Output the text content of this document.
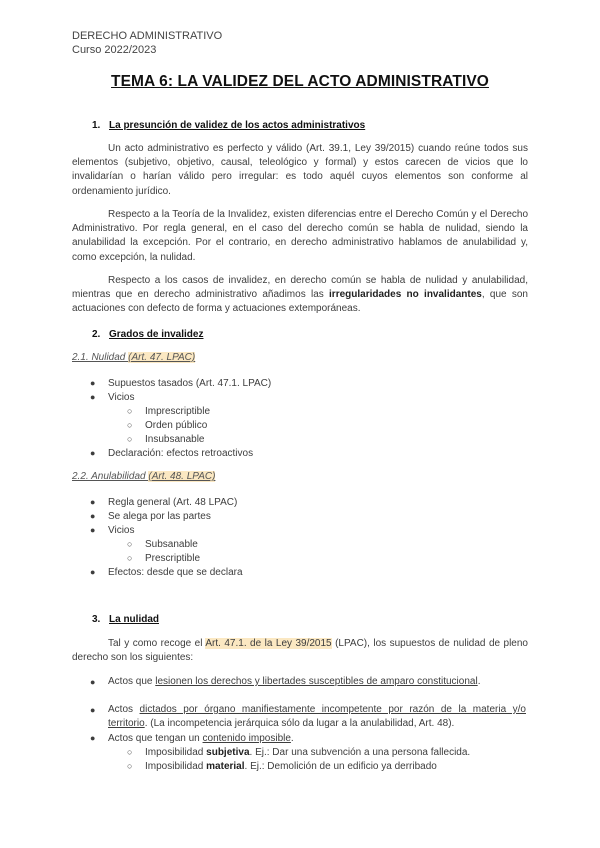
DERECHO ADMINISTRATIVO
Curso 2022/2023
TEMA 6: LA VALIDEZ DEL ACTO ADMINISTRATIVO
1. La presunción de validez de los actos administrativos
Un acto administrativo es perfecto y válido (Art. 39.1, Ley 39/2015) cuando reúne todos sus elementos (subjetivo, objetivo, causal, teleológico y formal) y estos carecen de vicios que lo invalidarían o harían válido pero irregular: es todo aquél cuyos elementos son conforme al ordenamiento jurídico.
Respecto a la Teoría de la Invalidez, existen diferencias entre el Derecho Común y el Derecho Administrativo. Por regla general, en el caso del derecho común se habla de nulidad, siendo la anulabilidad la excepción. Por el contrario, en derecho administrativo hablamos de anulabilidad y, como excepción, la nulidad.
Respecto a los casos de invalidez, en derecho común se habla de nulidad y anulabilidad, mientras que en derecho administrativo añadimos las irregularidades no invalidantes, que son actuaciones con defecto de forma y actuaciones extemporáneas.
2. Grados de invalidez
2.1. Nulidad (Art. 47. LPAC)
● Supuestos tasados (Art. 47.1. LPAC)
● Vicios
○ Imprescriptible
○ Orden público
○ Insubsanable
● Declaración: efectos retroactivos
2.2. Anulabilidad (Art. 48. LPAC)
● Regla general (Art. 48 LPAC)
● Se alega por las partes
● Vicios
○ Subsanable
○ Prescriptible
● Efectos: desde que se declara
3. La nulidad
Tal y como recoge el Art. 47.1. de la Ley 39/2015 (LPAC), los supuestos de nulidad de pleno derecho son los siguientes:
● Actos que lesionen los derechos y libertades susceptibles de amparo constitucional.
● Actos dictados por órgano manifiestamente incompetente por razón de la materia y/o territorio. (La incompetencia jerárquica sólo da lugar a la anulabilidad, Art. 48).
● Actos que tengan un contenido imposible.
○ Imposibilidad subjetiva. Ej.: Dar una subvención a una persona fallecida.
○ Imposibilidad material. Ej.: Demolición de un edificio ya derribado
